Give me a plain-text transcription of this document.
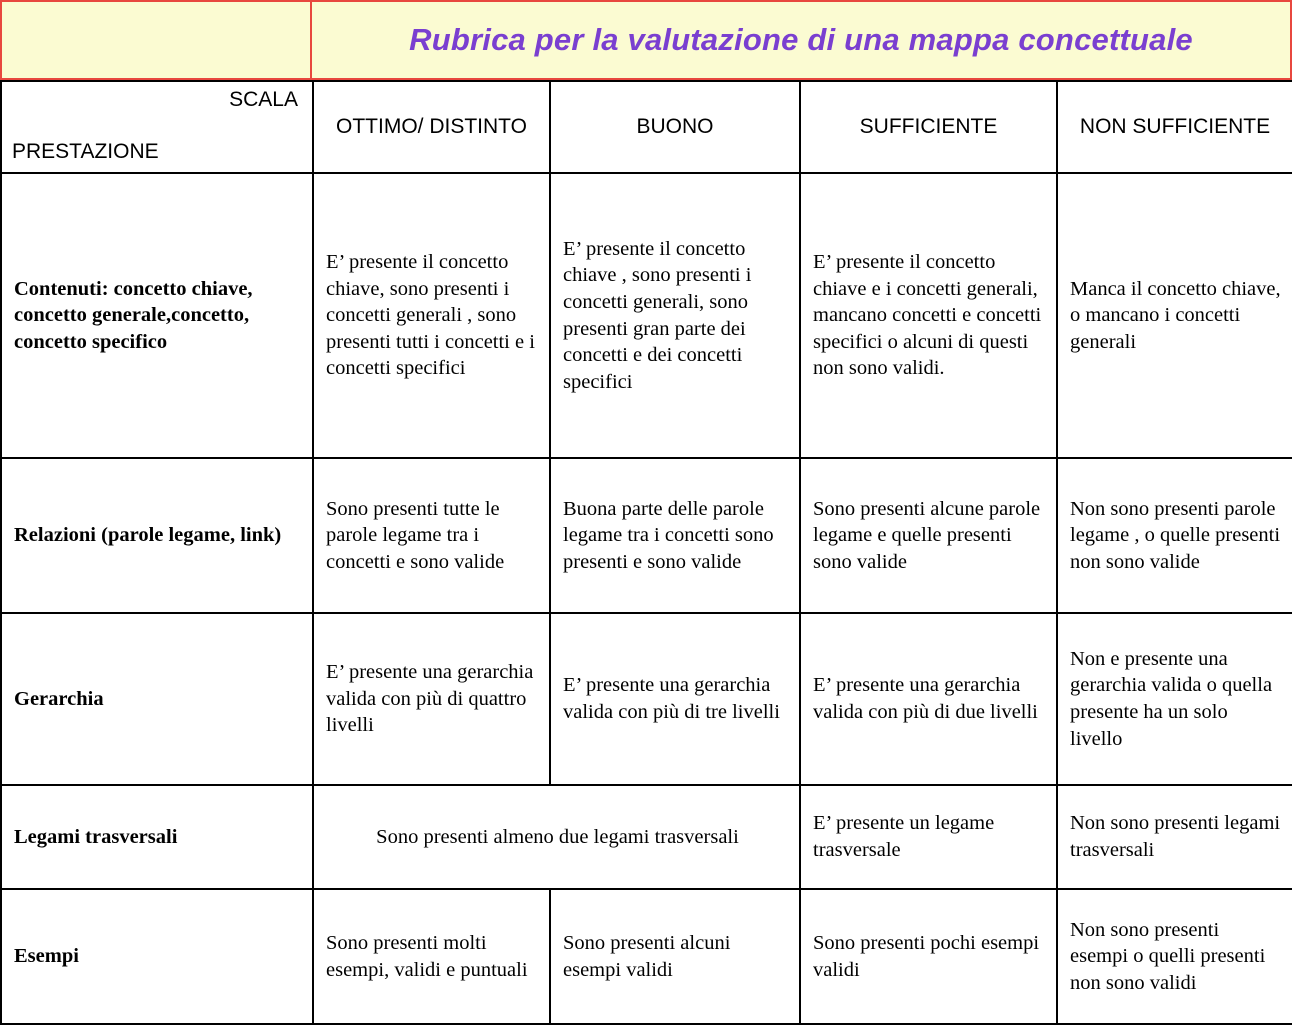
Rubrica per la valutazione di una mappa concettuale
SCALA
PRESTAZIONE	OTTIMO/ DISTINTO	BUONO	SUFFICIENTE	NON SUFFICIENTE
Contenuti: concetto chiave, concetto generale,concetto, concetto specifico	E’ presente il concetto chiave, sono presenti i concetti generali , sono presenti tutti i concetti e i concetti specifici	E’ presente il concetto chiave , sono presenti i concetti generali, sono presenti gran parte dei concetti e dei concetti specifici	E’ presente il concetto chiave e i concetti generali, mancano concetti e concetti specifici o alcuni di questi non sono validi.	Manca il concetto chiave, o mancano i concetti generali
Relazioni (parole legame, link)	Sono presenti tutte le parole legame tra i concetti e sono valide	Buona parte delle parole legame tra i concetti sono presenti e sono valide	Sono presenti alcune parole legame e quelle presenti sono valide	Non sono presenti parole legame , o quelle presenti non sono valide
Gerarchia	E’ presente una gerarchia valida con più di quattro livelli	E’ presente una gerarchia valida con più di tre livelli	E’ presente una gerarchia valida con più di due livelli	Non e presente una gerarchia valida o quella presente ha un solo livello
Legami trasversali	Sono presenti almeno due legami trasversali		E’ presente un legame trasversale	Non sono presenti legami trasversali
Esempi	Sono presenti molti esempi, validi e puntuali	Sono presenti alcuni esempi validi	Sono presenti pochi esempi validi	Non sono presenti esempi o quelli presenti non sono validi
